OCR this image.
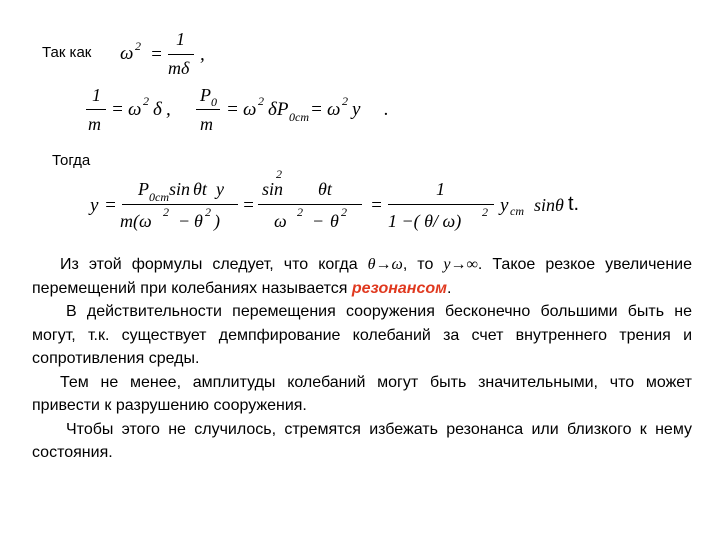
Так как ω 2 =
1
mδ
,
1
m
= ω 2 δ ,
P 0
m
= ω 2 δP 0ст = ω 2 y .
Тогда
y =
P 0ст sin θt y
m(ω 2 − θ 2 )
=
sin
2
θt
ω 2 − θ 2 =
1
1 −( θ/ ω) 2 y ст sinθ t.

Из этой формулы следует, что когда θ→ω, то y→∞. Такое резкое увеличение перемещений при колебаниях называется резонансом.

В действительности перемещения сооружения бесконечно большими быть не могут, т.к. существует демпфирование колебаний за счет внутреннего трения и сопротивления среды.

Тем не менее, амплитуды колебаний могут быть значительными, что может привести к разрушению сооружения.

Чтобы этого не случилось, стремятся избежать резонанса или близкого к нему состояния.
